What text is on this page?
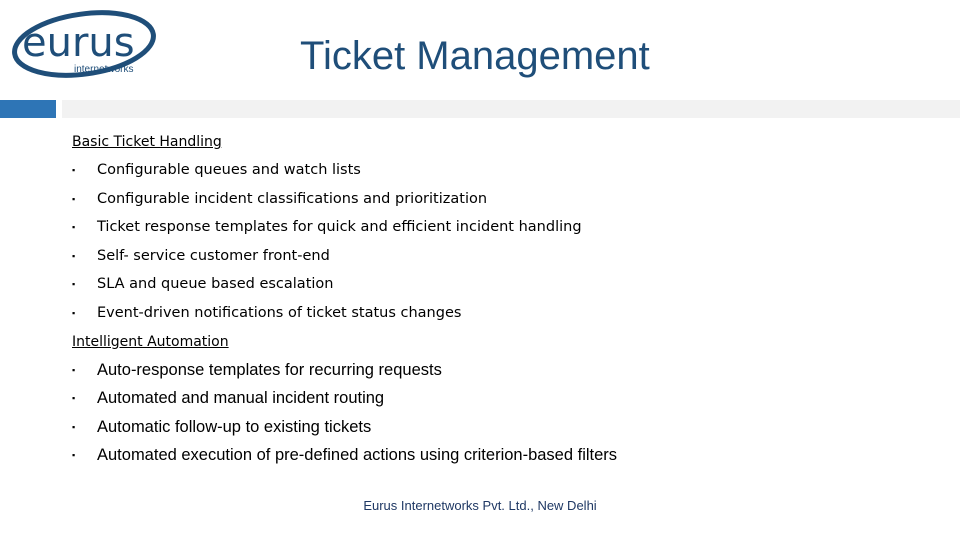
eurus
internetworks	Ticket Management
Basic Ticket Handling
▪ Configurable queues and watch lists
▪ Configurable incident classifications and prioritization
▪ Ticket response templates for quick and efficient incident handling
▪ Self- service customer front-end
▪ SLA and queue based escalation
▪ Event-driven notifications of ticket status changes
Intelligent Automation
▪ Auto-response templates for recurring requests
▪ Automated and manual incident routing
▪ Automatic follow-up to existing tickets
▪ Automated execution of pre-defined actions using criterion-based filters
Eurus Internetworks Pvt. Ltd., New Delhi
